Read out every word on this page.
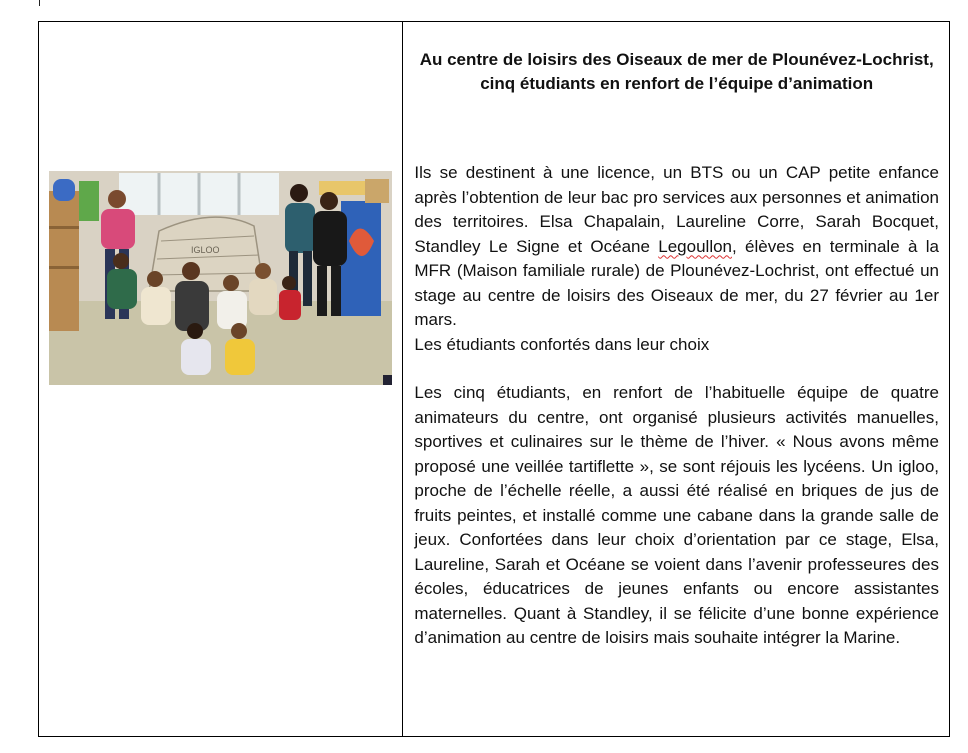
IGLOO

Au centre de loisirs des Oiseaux de mer de Plounévez-Lochrist, cinq étudiants en renfort de l’équipe d’animation

Ils se destinent à une licence, un BTS ou un CAP petite enfance après l’obtention de leur bac pro services aux personnes et animation des territoires. Elsa Chapalain, Laureline Corre, Sarah Bocquet, Standley Le Signe et Océane Legoullon, élèves en terminale à la MFR (Maison familiale rurale) de Plounévez-Lochrist, ont effectué un stage au centre de loisirs des Oiseaux de mer, du 27 février au 1er mars.

Les étudiants confortés dans leur choix

Les cinq étudiants, en renfort de l’habituelle équipe de quatre animateurs du centre, ont organisé plusieurs activités manuelles, sportives et culinaires sur le thème de l’hiver. « Nous avons même proposé une veillée tartiflette », se sont réjouis les lycéens. Un igloo, proche de l’échelle réelle, a aussi été réalisé en briques de jus de fruits peintes, et installé comme une cabane dans la grande salle de jeux. Confortées dans leur choix d’orientation par ce stage, Elsa, Laureline, Sarah et Océane se voient dans l’avenir professeures des écoles, éducatrices de jeunes enfants ou encore assistantes maternelles. Quant à Standley, il se félicite d’une bonne expérience d’animation au centre de loisirs mais souhaite intégrer la Marine.
